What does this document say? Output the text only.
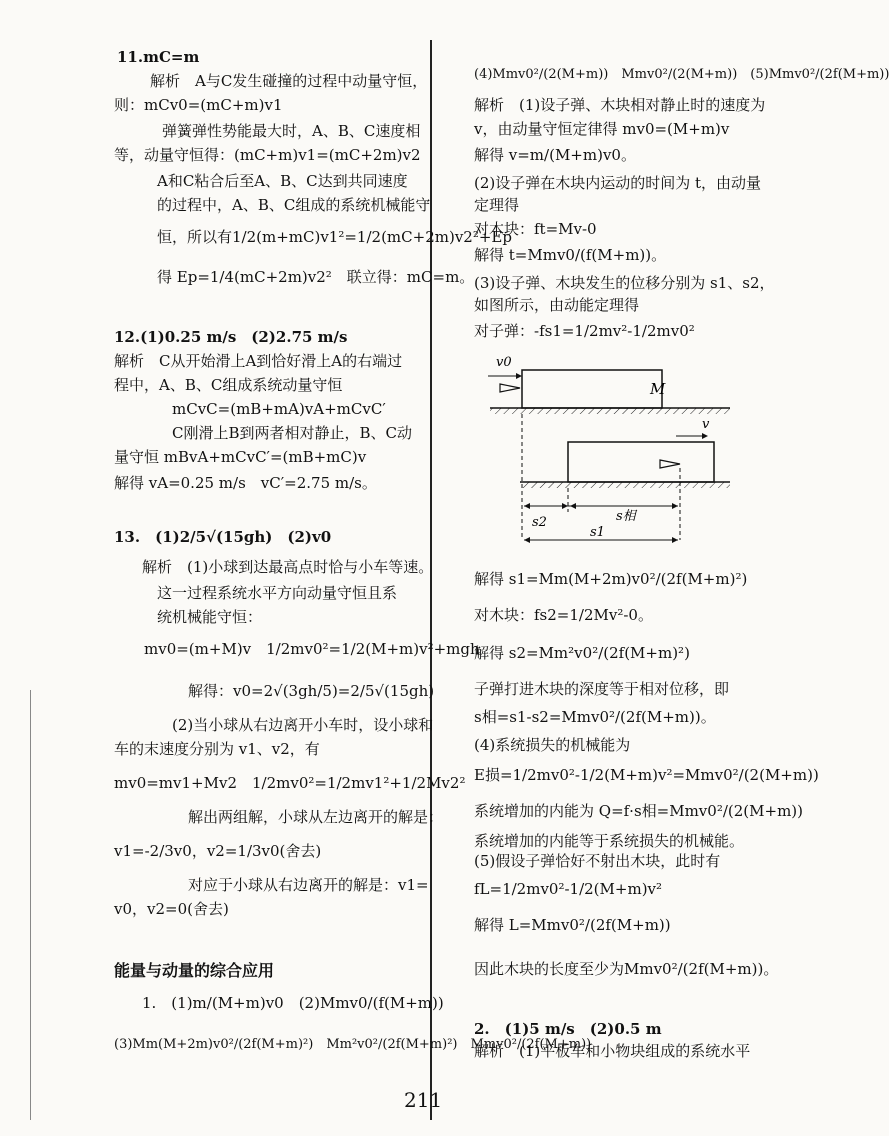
11.mC=m
解析　A与C发生碰撞的过程中动量守恒，
则：mCv0=(mC+m)v1
弹簧弹性势能最大时，A、B、C速度相
等，动量守恒得：(mC+m)v1=(mC+2m)v2
A和C粘合后至A、B、C达到共同速度
的过程中，A、B、C组成的系统机械能守
恒，所以有1/2(m+mC)v1²=1/2(mC+2m)v2²+Ep
得 Ep=1/4(mC+2m)v2²　联立得：mC=m。
12.(1)0.25 m/s　(2)2.75 m/s
解析　C从开始滑上A到恰好滑上A的右端过
程中，A、B、C组成系统动量守恒
mCvC=(mB+mA)vA+mCvC′
C刚滑上B到两者相对静止，B、C动
量守恒 mBvA+mCvC′=(mB+mC)v
解得 vA=0.25 m/s　vC′=2.75 m/s。
13.　(1)2/5√(15gh)　(2)v0
解析　(1)小球到达最高点时恰与小车等速。
这一过程系统水平方向动量守恒且系
统机械能守恒：
mv0=(m+M)v　1/2mv0²=1/2(M+m)v²+mgh
解得：v0=2√(3gh/5)=2/5√(15gh)
(2)当小球从右边离开小车时，设小球和
车的末速度分别为 v1、v2，有
mv0=mv1+Mv2　1/2mv0²=1/2mv1²+1/2Mv2²
解出两组解，小球从左边离开的解是：
v1=-2/3v0，v2=1/3v0(舍去)
对应于小球从右边离开的解是：v1=
v0，v2=0(舍去)
能量与动量的综合应用
1.　(1)m/(M+m)v0　(2)Mmv0/(f(M+m))
(3)Mm(M+2m)v0²/(2f(M+m)²)　Mm²v0²/(2f(M+m)²)　Mmv0²/(2f(M+m))
(4)Mmv0²/(2(M+m))　Mmv0²/(2(M+m))　(5)Mmv0²/(2f(M+m))
解析　(1)设子弹、木块相对静止时的速度为
v，由动量守恒定律得 mv0=(M+m)v
解得 v=m/(M+m)v0。
(2)设子弹在木块内运动的时间为 t，由动量
定理得
对木块：ft=Mv-0
解得 t=Mmv0/(f(M+m))。
(3)设子弹、木块发生的位移分别为 s1、s2，
如图所示，由动能定理得
对子弹：-fs1=1/2mv²-1/2mv0²
M
v0
v
s2	s相
s1
解得 s1=Mm(M+2m)v0²/(2f(M+m)²)
对木块：fs2=1/2Mv²-0。
解得 s2=Mm²v0²/(2f(M+m)²)
子弹打进木块的深度等于相对位移，即
s相=s1-s2=Mmv0²/(2f(M+m))。
(4)系统损失的机械能为
E损=1/2mv0²-1/2(M+m)v²=Mmv0²/(2(M+m))
系统增加的内能为 Q=f·s相=Mmv0²/(2(M+m))
系统增加的内能等于系统损失的机械能。
(5)假设子弹恰好不射出木块，此时有
fL=1/2mv0²-1/2(M+m)v²
解得 L=Mmv0²/(2f(M+m))
因此木块的长度至少为Mmv0²/(2f(M+m))。
2.　(1)5 m/s　(2)0.5 m
解析　(1)平板车和小物块组成的系统水平
211
